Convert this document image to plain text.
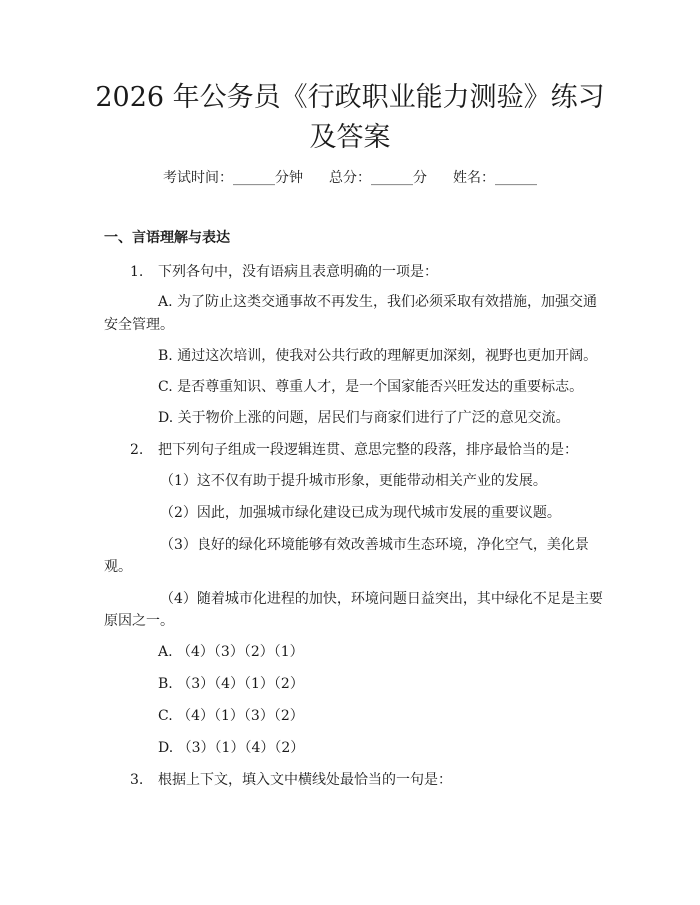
2026 年公务员《行政职业能力测验》练习及答案
考试时间：______分钟 总分：______分 姓名：______
一、言语理解与表达

1. 下列各句中，没有语病且表意明确的一项是：

A. 为了防止这类交通事故不再发生，我们必须采取有效措施，加强交通

安全管理。

B. 通过这次培训，使我对公共行政的理解更加深刻，视野也更加开阔。

C. 是否尊重知识、尊重人才，是一个国家能否兴旺发达的重要标志。

D. 关于物价上涨的问题，居民们与商家们进行了广泛的意见交流。

2. 把下列句子组成一段逻辑连贯、意思完整的段落，排序最恰当的是：

（1）这不仅有助于提升城市形象，更能带动相关产业的发展。

（2）因此，加强城市绿化建设已成为现代城市发展的重要议题。

（3）良好的绿化环境能够有效改善城市生态环境，净化空气，美化景

观。

（4）随着城市化进程的加快，环境问题日益突出，其中绿化不足是主要

原因之一。

A. （4）（3）（2）（1）

B. （3）（4）（1）（2）

C. （4）（1）（3）（2）

D. （3）（1）（4）（2）

3. 根据上下文，填入文中横线处最恰当的一句是：
